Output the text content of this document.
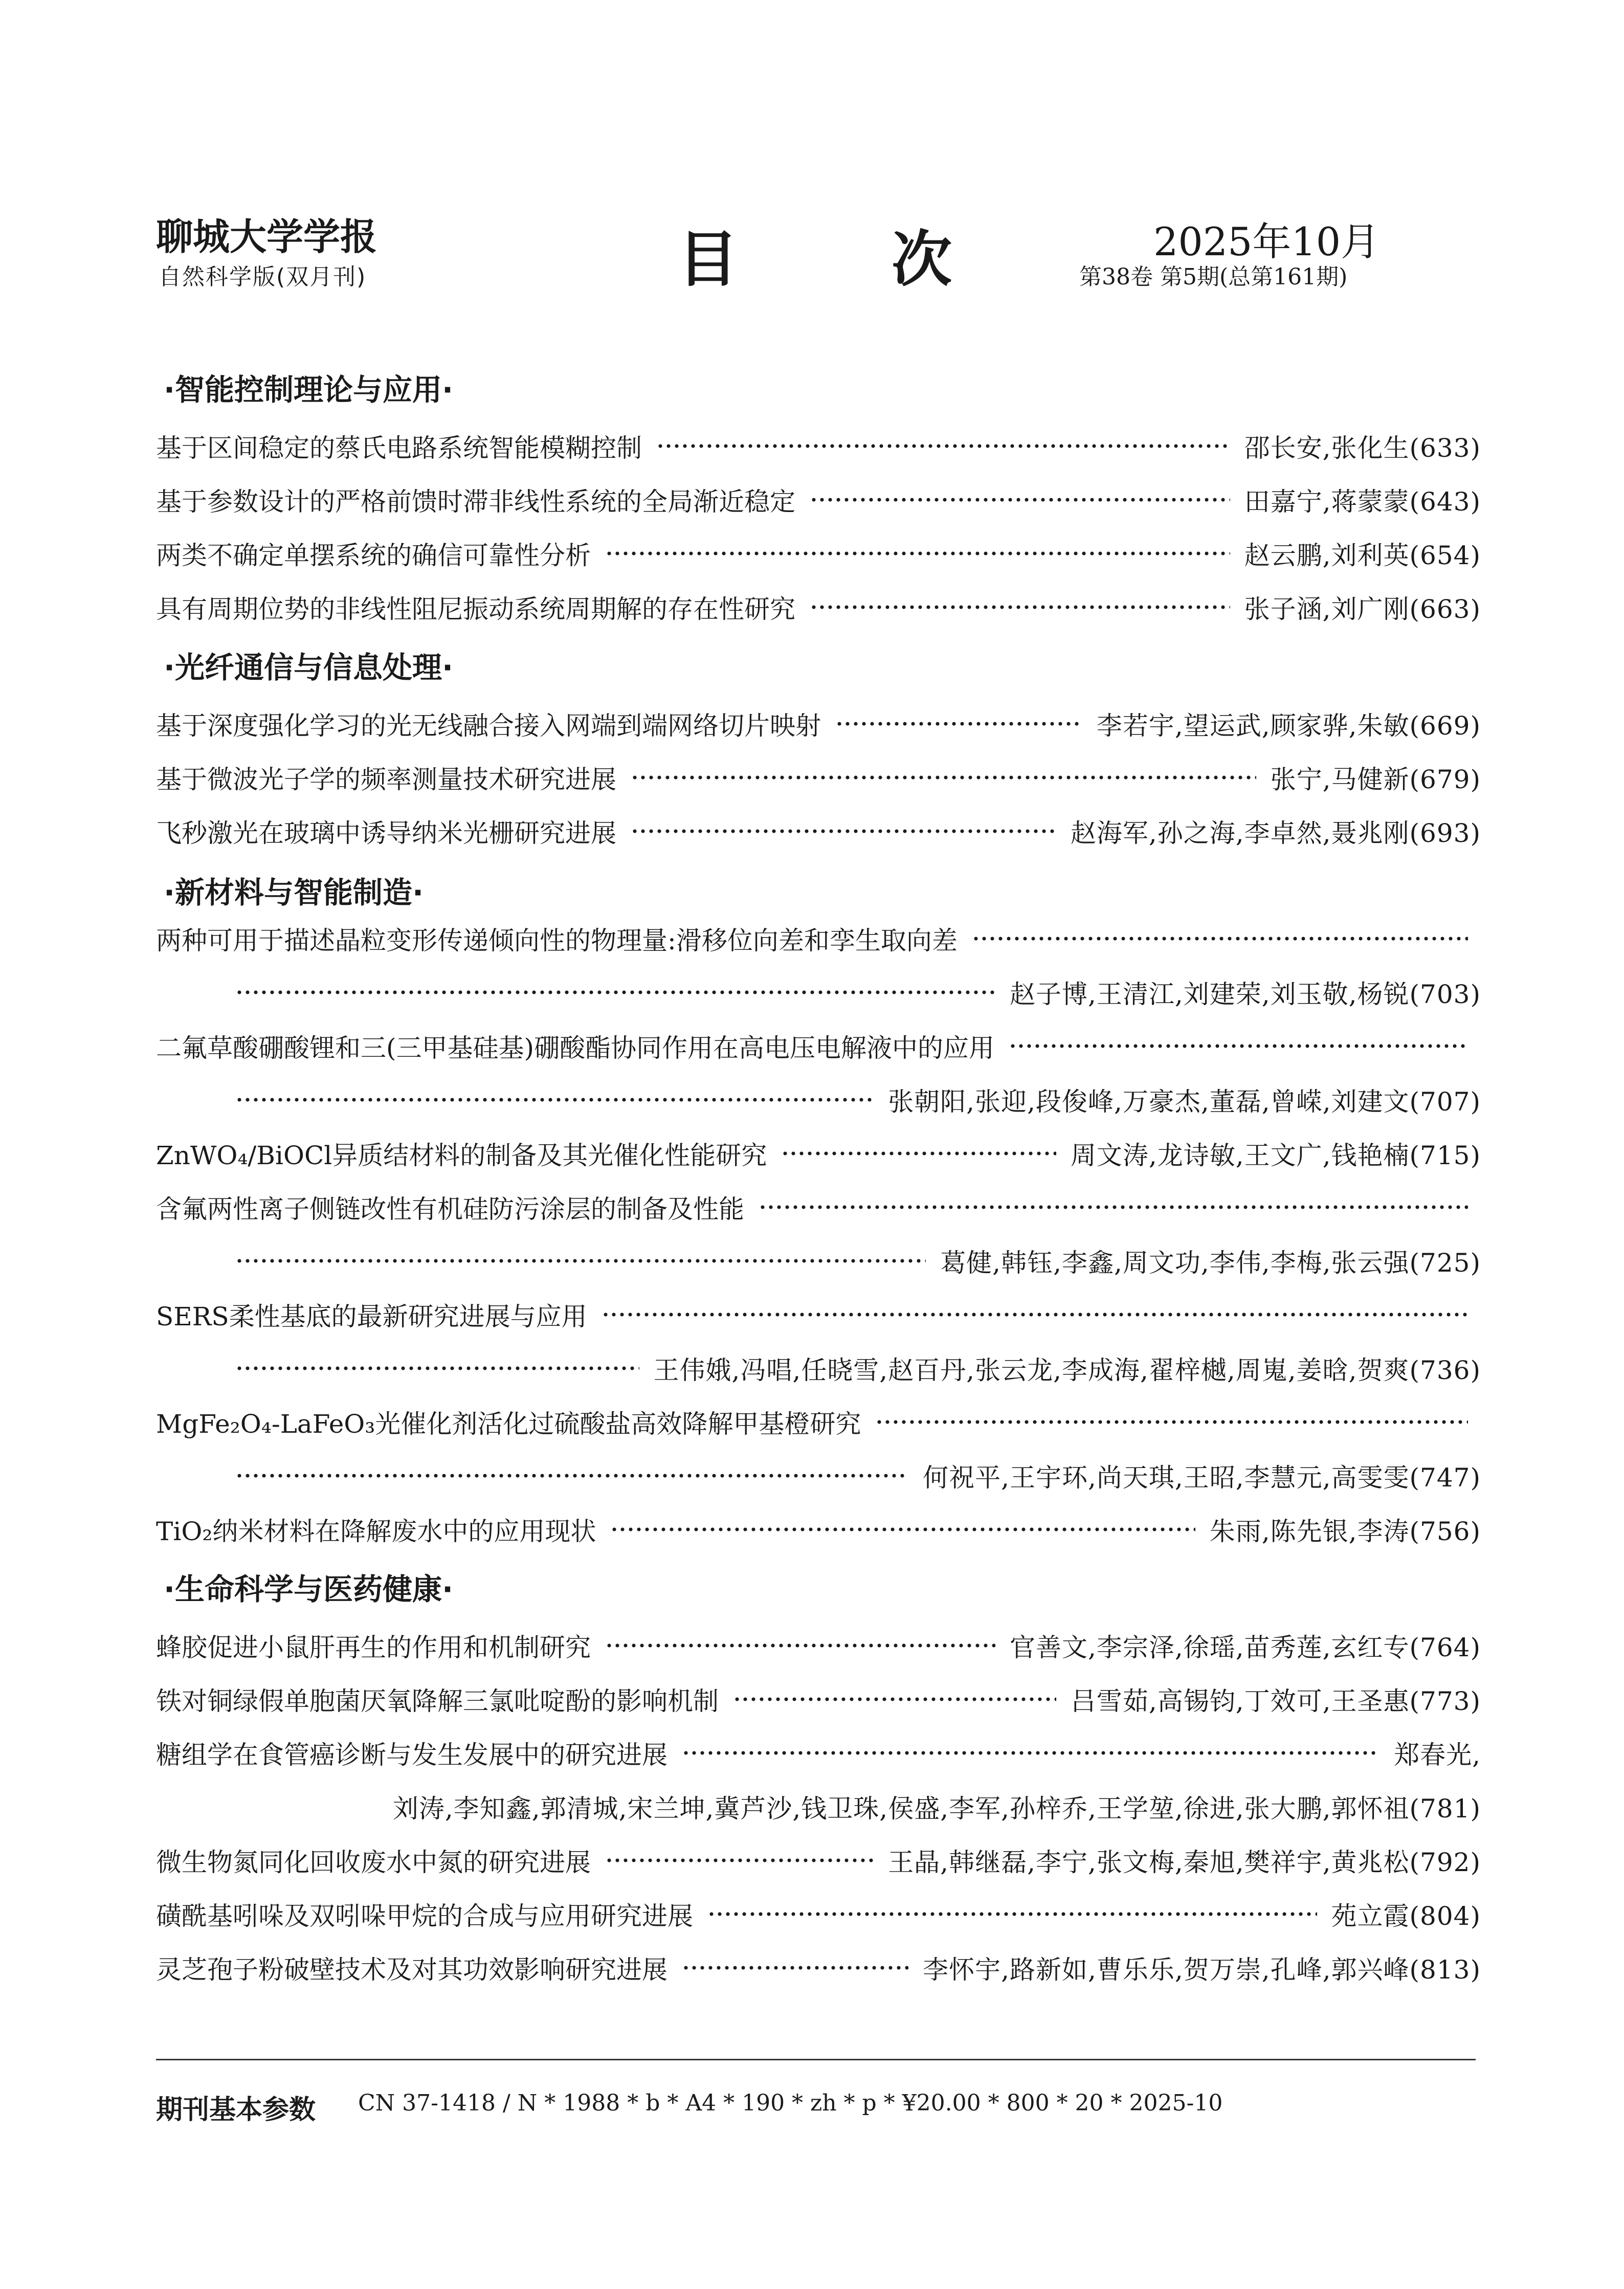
聊城大学学报
自然科学版(双月刊)	目次 2025年10月
第38卷 第5期(总第161期)
·智能控制理论与应用·
基于区间稳定的蔡氏电路系统智能模糊控制	邵长安,张化生(633)
基于参数设计的严格前馈时滞非线性系统的全局渐近稳定	田嘉宁,蒋蒙蒙(643)
两类不确定单摆系统的确信可靠性分析	赵云鹏,刘利英(654)
具有周期位势的非线性阻尼振动系统周期解的存在性研究	张子涵,刘广刚(663)
·光纤通信与信息处理·
基于深度强化学习的光无线融合接入网端到端网络切片映射	李若宇,望运武,顾家骅,朱敏(669)
基于微波光子学的频率测量技术研究进展	张宁,马健新(679)
飞秒激光在玻璃中诱导纳米光栅研究进展	赵海军,孙之海,李卓然,聂兆刚(693)
·新材料与智能制造·
两种可用于描述晶粒变形传递倾向性的物理量:滑移位向差和孪生取向差
赵子博,王清江,刘建荣,刘玉敬,杨锐(703)
二氟草酸硼酸锂和三(三甲基硅基)硼酸酯协同作用在高电压电解液中的应用
张朝阳,张迎,段俊峰,万豪杰,董磊,曾嵘,刘建文(707)
ZnWO₄/BiOCl异质结材料的制备及其光催化性能研究	周文涛,龙诗敏,王文广,钱艳楠(715)
含氟两性离子侧链改性有机硅防污涂层的制备及性能
葛健,韩钰,李鑫,周文功,李伟,李梅,张云强(725)
SERS柔性基底的最新研究进展与应用
王伟娥,冯唱,任晓雪,赵百丹,张云龙,李成海,翟梓樾,周嵬,姜晗,贺爽(736)
MgFe₂O₄-LaFeO₃光催化剂活化过硫酸盐高效降解甲基橙研究
何祝平,王宇环,尚天琪,王昭,李慧元,高雯雯(747)
TiO₂纳米材料在降解废水中的应用现状	朱雨,陈先银,李涛(756)
·生命科学与医药健康·
蜂胶促进小鼠肝再生的作用和机制研究	官善文,李宗泽,徐瑶,苗秀莲,玄红专(764)
铁对铜绿假单胞菌厌氧降解三氯吡啶酚的影响机制	吕雪茹,高锡钧,丁效可,王圣惠(773)
糖组学在食管癌诊断与发生发展中的研究进展	郑春光,
刘涛,李知鑫,郭清城,宋兰坤,冀芦沙,钱卫珠,侯盛,李军,孙梓乔,王学堃,徐进,张大鹏,郭怀祖(781)
微生物氮同化回收废水中氮的研究进展	王晶,韩继磊,李宁,张文梅,秦旭,樊祥宇,黄兆松(792)
磺酰基吲哚及双吲哚甲烷的合成与应用研究进展	苑立霞(804)
灵芝孢子粉破壁技术及对其功效影响研究进展	李怀宇,路新如,曹乐乐,贺万崇,孔峰,郭兴峰(813)
期刊基本参数 CN 37-1418 / N * 1988 * b * A4 * 190 * zh * p * ¥20.00 * 800 * 20 * 2025-10
